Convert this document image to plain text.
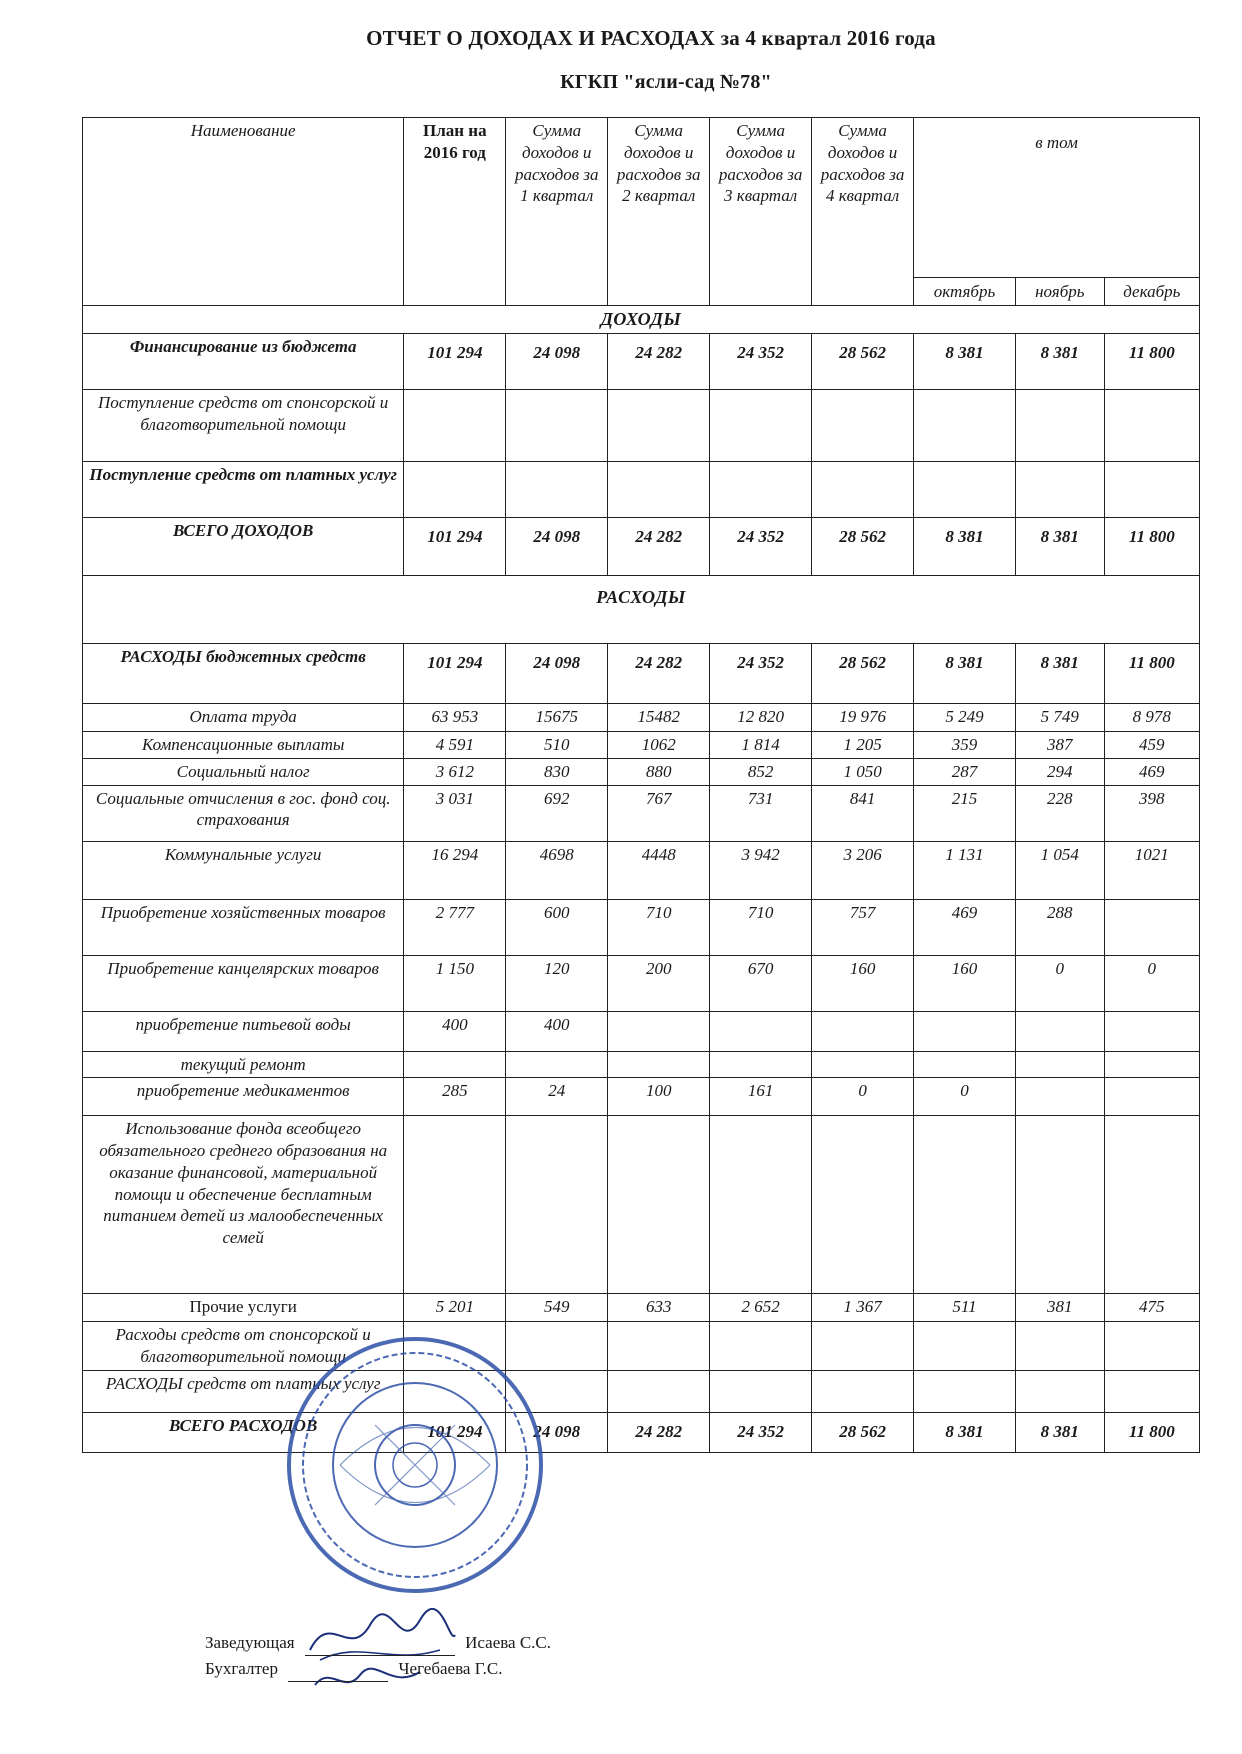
ОТЧЕТ О ДОХОДАХ И РАСХОДАХ за 4 квартал 2016 года
КГКП "ясли-сад №78"
Наименование	План на 2016 год	Сумма доходов и расходов за 1 квартал	Сумма доходов и расходов за 2 квартал	Сумма доходов и расходов за 3 квартал	Сумма доходов и расходов за 4 квартал	в том		
						октябрь	ноябрь	декабрь
ДОХОДЫ								
Финансирование из бюджета	101 294	24 098	24 282	24 352	28 562	8 381	8 381	11 800
Поступление средств от спонсорской и благотворительной помощи								
Поступление средств от платных услуг								
ВСЕГО ДОХОДОВ	101 294	24 098	24 282	24 352	28 562	8 381	8 381	11 800
РАСХОДЫ								
РАСХОДЫ бюджетных средств	101 294	24 098	24 282	24 352	28 562	8 381	8 381	11 800
Оплата труда	63 953	15675	15482	12 820	19 976	5 249	5 749	8 978
Компенсационные выплаты	4 591	510	1062	1 814	1 205	359	387	459
Социальный налог	3 612	830	880	852	1 050	287	294	469
Социальные отчисления в гос. фонд соц. страхования	3 031	692	767	731	841	215	228	398
Коммунальные услуги	16 294	4698	4448	3 942	3 206	1 131	1 054	1021
Приобретение хозяйственных товаров	2 777	600	710	710	757	469	288	
Приобретение канцелярских товаров	1 150	120	200	670	160	160	0	0
приобретение питьевой воды	400	400						
текущий ремонт								
приобретение медикаментов	285	24	100	161	0	0		
Использование фонда всеобщего обязательного среднего образования на оказание финансовой, материальной помощи и обеспечение бесплатным питанием детей из малообеспеченных семей								
Прочие услуги	5 201	549	633	2 652	1 367	511	381	475
Расходы средств от спонсорской и благотворительной помощи								
РАСХОДЫ средств от платных услуг								
ВСЕГО РАСХОДОВ	101 294	24 098	24 282	24 352	28 562	8 381	8 381	11 800
Заведующая	Исаева С.С.
Бухгалтер	Чегебаева Г.С.
